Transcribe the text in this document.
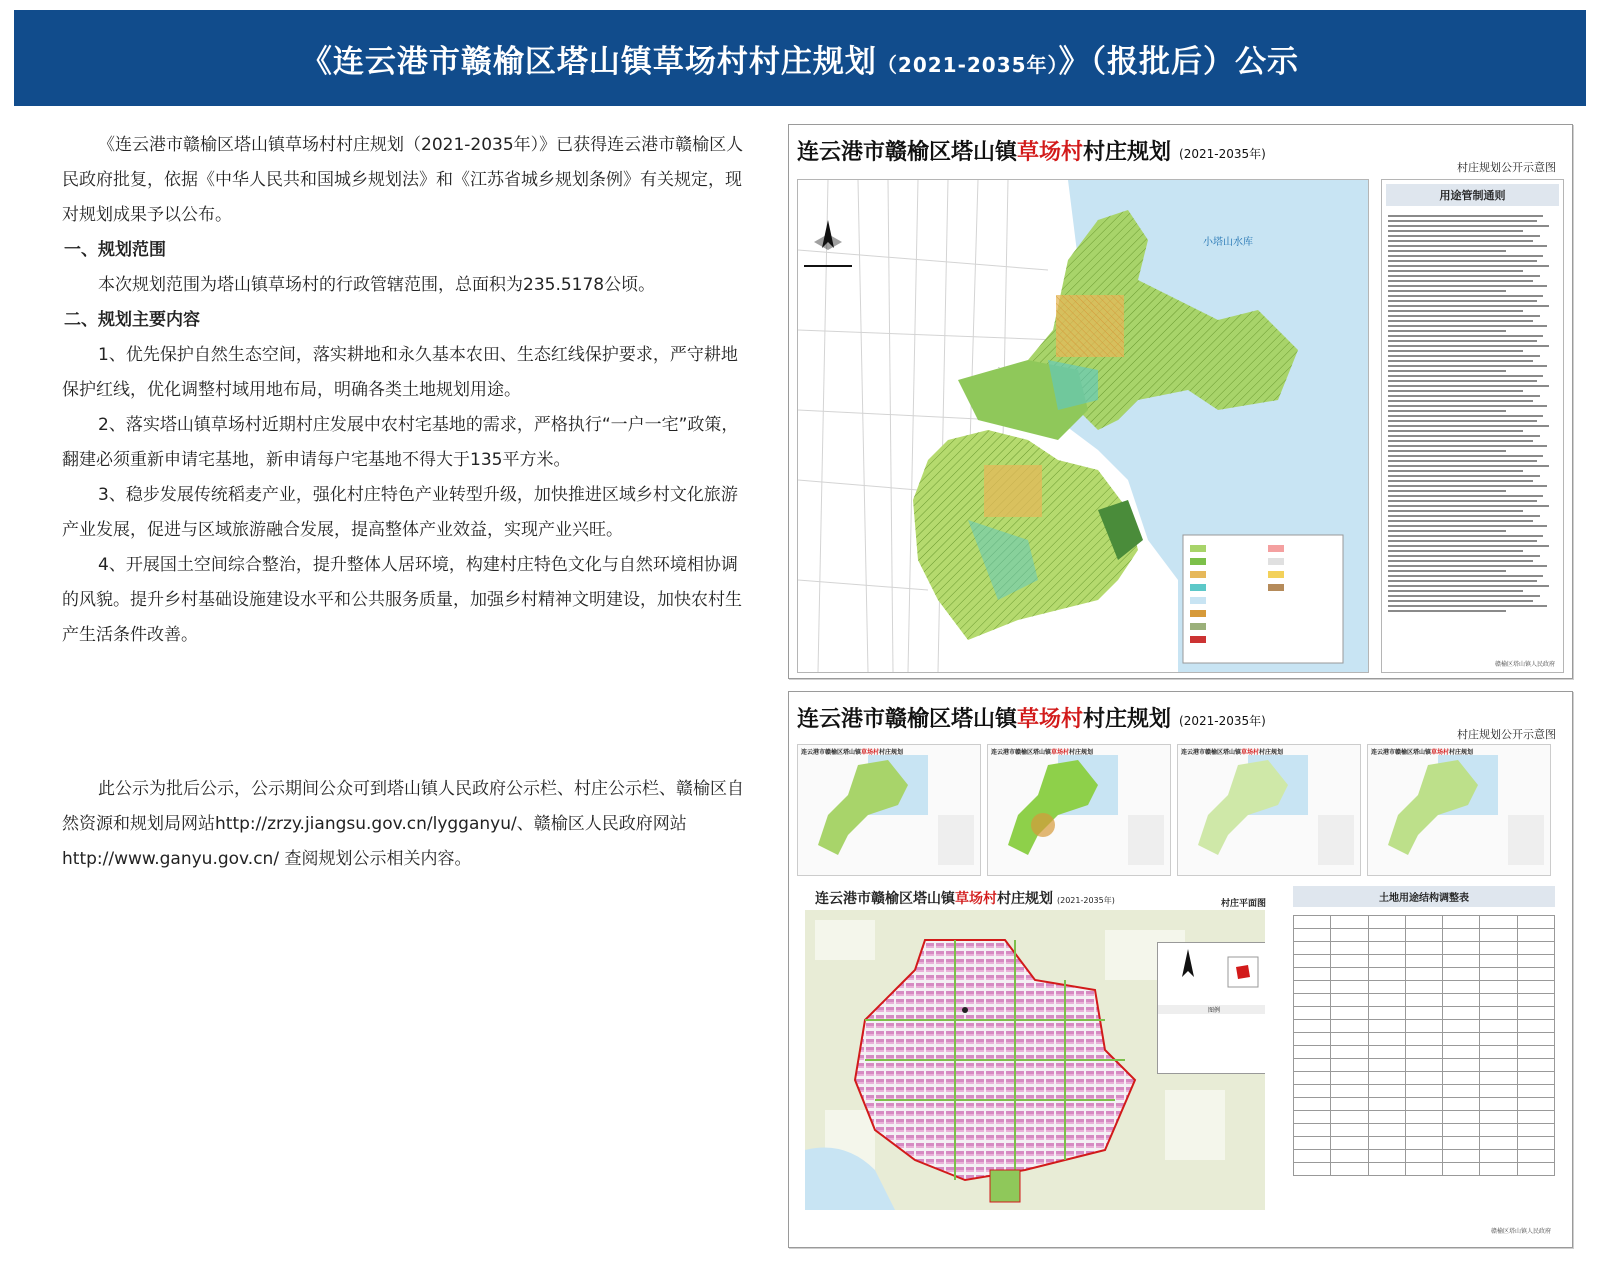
《连云港市赣榆区塔山镇草场村村庄规划（2021-2035年）》（报批后）公示

《连云港市赣榆区塔山镇草场村村庄规划（2021-2035年）》已获得连云港市赣榆区人民政府批复，依据《中华人民共和国城乡规划法》和《江苏省城乡规划条例》有关规定，现对规划成果予以公布。

一、规划范围

本次规划范围为塔山镇草场村的行政管辖范围，总面积为235.5178公顷。

二、规划主要内容

1、优先保护自然生态空间，落实耕地和永久基本农田、生态红线保护要求，严守耕地保护红线，优化调整村域用地布局，明确各类土地规划用途。

2、落实塔山镇草场村近期村庄发展中农村宅基地的需求，严格执行“一户一宅”政策，翻建必须重新申请宅基地，新申请每户宅基地不得大于135平方米。

3、稳步发展传统稻麦产业，强化村庄特色产业转型升级，加快推进区域乡村文化旅游产业发展，促进与区域旅游融合发展，提高整体产业效益，实现产业兴旺。

4、开展国土空间综合整治，提升整体人居环境，构建村庄特色文化与自然环境相协调的风貌。提升乡村基础设施建设水平和公共服务质量，加强乡村精神文明建设，加快农村生产生活条件改善。

此公示为批后公示，公示期间公众可到塔山镇人民政府公示栏、村庄公示栏、赣榆区自然资源和规划局网站http://zrzy.jiangsu.gov.cn/lygganyu/、赣榆区人民政府网站http://www.ganyu.gov.cn/ 查阅规划公示相关内容。

连云港市赣榆区塔山镇草场村村庄规划 (2021-2035年)
村庄规划公开示意图
·
小塔山水库
用途管制通则
赣榆区塔山镇人民政府
连云港市赣榆区塔山镇草场村村庄规划 (2021-2035年)
村庄规划公开示意图
连云港市赣榆区塔山镇草场村村庄规划	连云港市赣榆区塔山镇草场村村庄规划	连云港市赣榆区塔山镇草场村村庄规划	连云港市赣榆区塔山镇草场村村庄规划
连云港市赣榆区塔山镇草场村村庄规划 (2021-2035年)	村庄平面图
图例
土地用途结构调整表

赣榆区塔山镇人民政府
